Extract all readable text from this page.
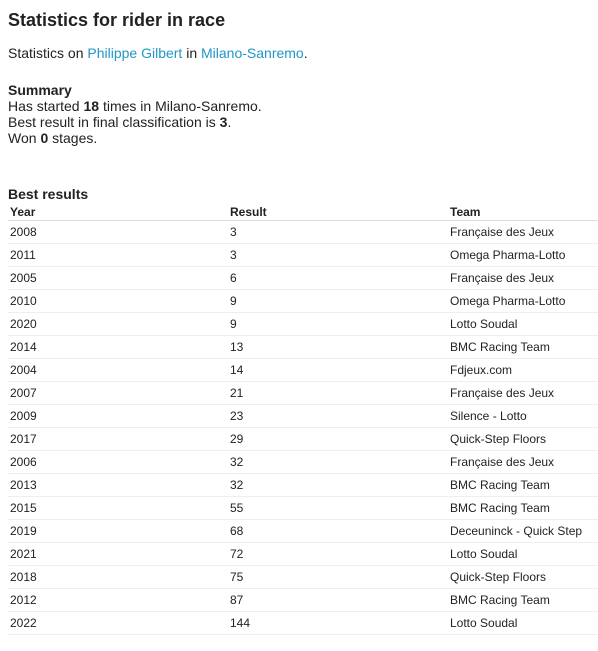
Statistics for rider in race
Statistics on Philippe Gilbert in Milano-Sanremo.
Summary
Has started 18 times in Milano-Sanremo.
Best result in final classification is 3.
Won 0 stages.
Best results
Year	Result	Team
2008	3	Française des Jeux
2011	3	Omega Pharma-Lotto
2005	6	Française des Jeux
2010	9	Omega Pharma-Lotto
2020	9	Lotto Soudal
2014	13	BMC Racing Team
2004	14	Fdjeux.com
2007	21	Française des Jeux
2009	23	Silence - Lotto
2017	29	Quick-Step Floors
2006	32	Française des Jeux
2013	32	BMC Racing Team
2015	55	BMC Racing Team
2019	68	Deceuninck - Quick Step
2021	72	Lotto Soudal
2018	75	Quick-Step Floors
2012	87	BMC Racing Team
2022	144	Lotto Soudal
